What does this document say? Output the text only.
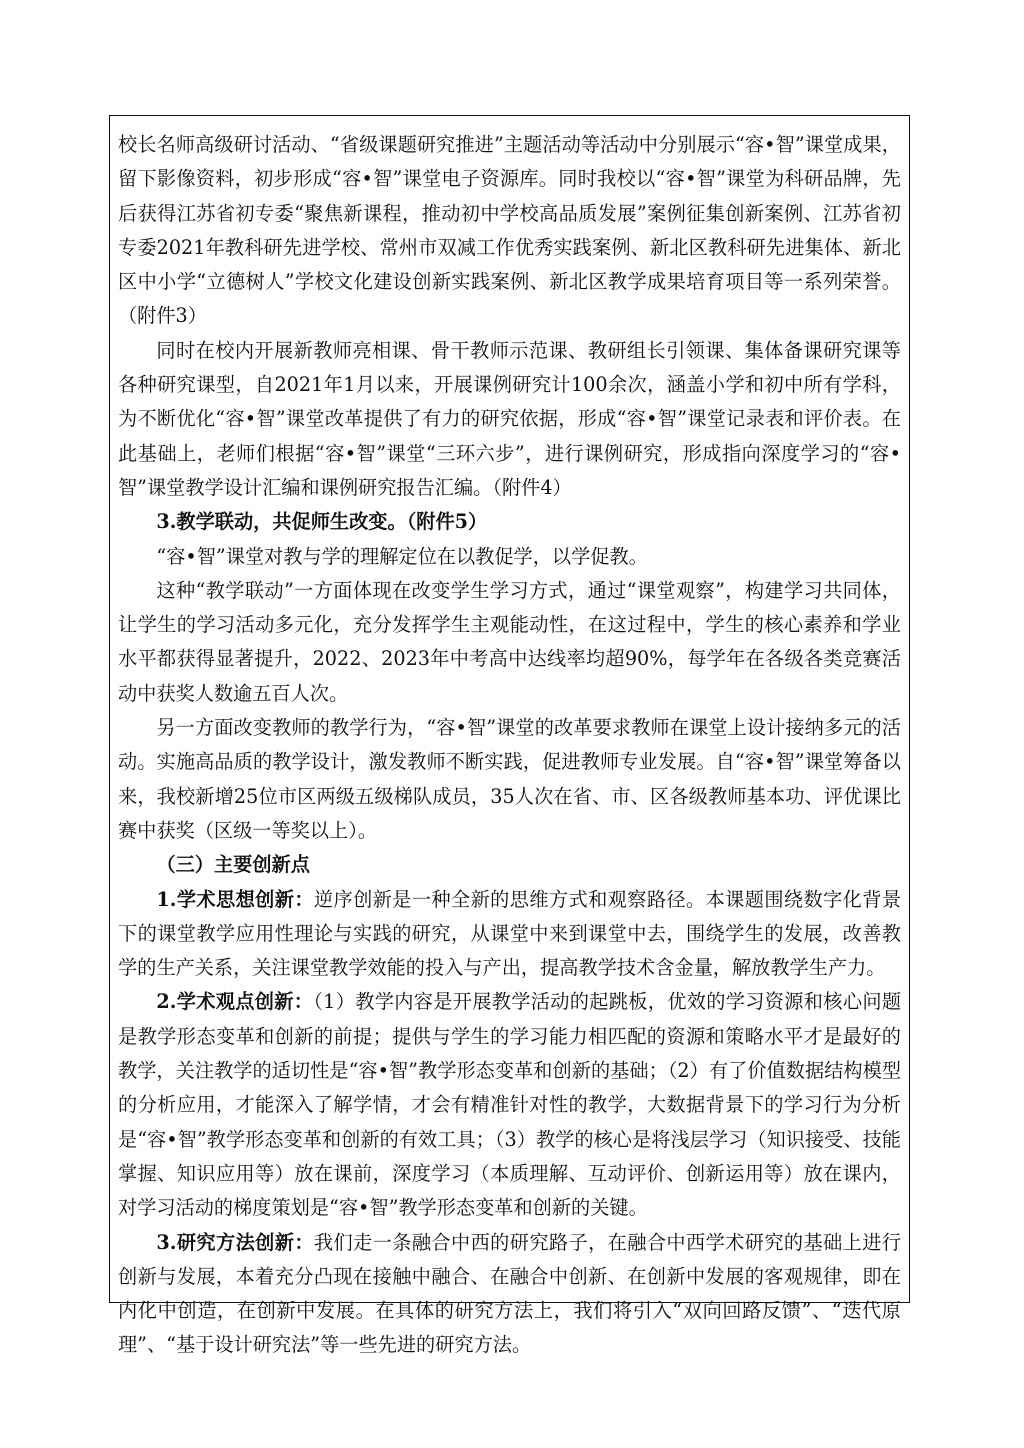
校长名师高级研讨活动、“省级课题研究推进”主题活动等活动中分别展示“容•智”课堂成果，留下影像资料，初步形成“容•智”课堂电子资源库。同时我校以“容•智”课堂为科研品牌，先后获得江苏省初专委“聚焦新课程，推动初中学校高品质发展”案例征集创新案例、江苏省初专委2021年教科研先进学校、常州市双减工作优秀实践案例、新北区教科研先进集体、新北区中小学“立德树人”学校文化建设创新实践案例、新北区教学成果培育项目等一系列荣誉。（附件3）

同时在校内开展新教师亮相课、骨干教师示范课、教研组长引领课、集体备课研究课等各种研究课型，自2021年1月以来，开展课例研究计100余次，涵盖小学和初中所有学科，为不断优化“容•智”课堂改革提供了有力的研究依据，形成“容•智”课堂记录表和评价表。在此基础上，老师们根据“容•智”课堂“三环六步”，进行课例研究，形成指向深度学习的“容•智”课堂教学设计汇编和课例研究报告汇编。（附件4）

3.教学联动，共促师生改变。（附件5）

“容•智”课堂对教与学的理解定位在以教促学，以学促教。

这种“教学联动”一方面体现在改变学生学习方式，通过“课堂观察”，构建学习共同体，让学生的学习活动多元化，充分发挥学生主观能动性，在这过程中，学生的核心素养和学业水平都获得显著提升，2022、2023年中考高中达线率均超90%，每学年在各级各类竞赛活动中获奖人数逾五百人次。

另一方面改变教师的教学行为，“容•智”课堂的改革要求教师在课堂上设计接纳多元的活动。实施高品质的教学设计，激发教师不断实践，促进教师专业发展。自“容•智”课堂筹备以来，我校新增25位市区两级五级梯队成员，35人次在省、市、区各级教师基本功、评优课比赛中获奖（区级一等奖以上）。

（三）主要创新点

1.学术思想创新：逆序创新是一种全新的思维方式和观察路径。本课题围绕数字化背景下的课堂教学应用性理论与实践的研究，从课堂中来到课堂中去，围绕学生的发展，改善教学的生产关系，关注课堂教学效能的投入与产出，提高教学技术含金量，解放教学生产力。

2.学术观点创新：（1）教学内容是开展教学活动的起跳板，优效的学习资源和核心问题是教学形态变革和创新的前提；提供与学生的学习能力相匹配的资源和策略水平才是最好的教学，关注教学的适切性是“容•智”教学形态变革和创新的基础；（2）有了价值数据结构模型的分析应用，才能深入了解学情，才会有精准针对性的教学，大数据背景下的学习行为分析是“容•智”教学形态变革和创新的有效工具；（3）教学的核心是将浅层学习（知识接受、技能掌握、知识应用等）放在课前，深度学习（本质理解、互动评价、创新运用等）放在课内，对学习活动的梯度策划是“容•智”教学形态变革和创新的关键。

3.研究方法创新：我们走一条融合中西的研究路子，在融合中西学术研究的基础上进行创新与发展，本着充分凸现在接触中融合、在融合中创新、在创新中发展的客观规律，即在内化中创造，在创新中发展。在具体的研究方法上，我们将引入“双向回路反馈”、“迭代原理”、“基于设计研究法”等一些先进的研究方法。
